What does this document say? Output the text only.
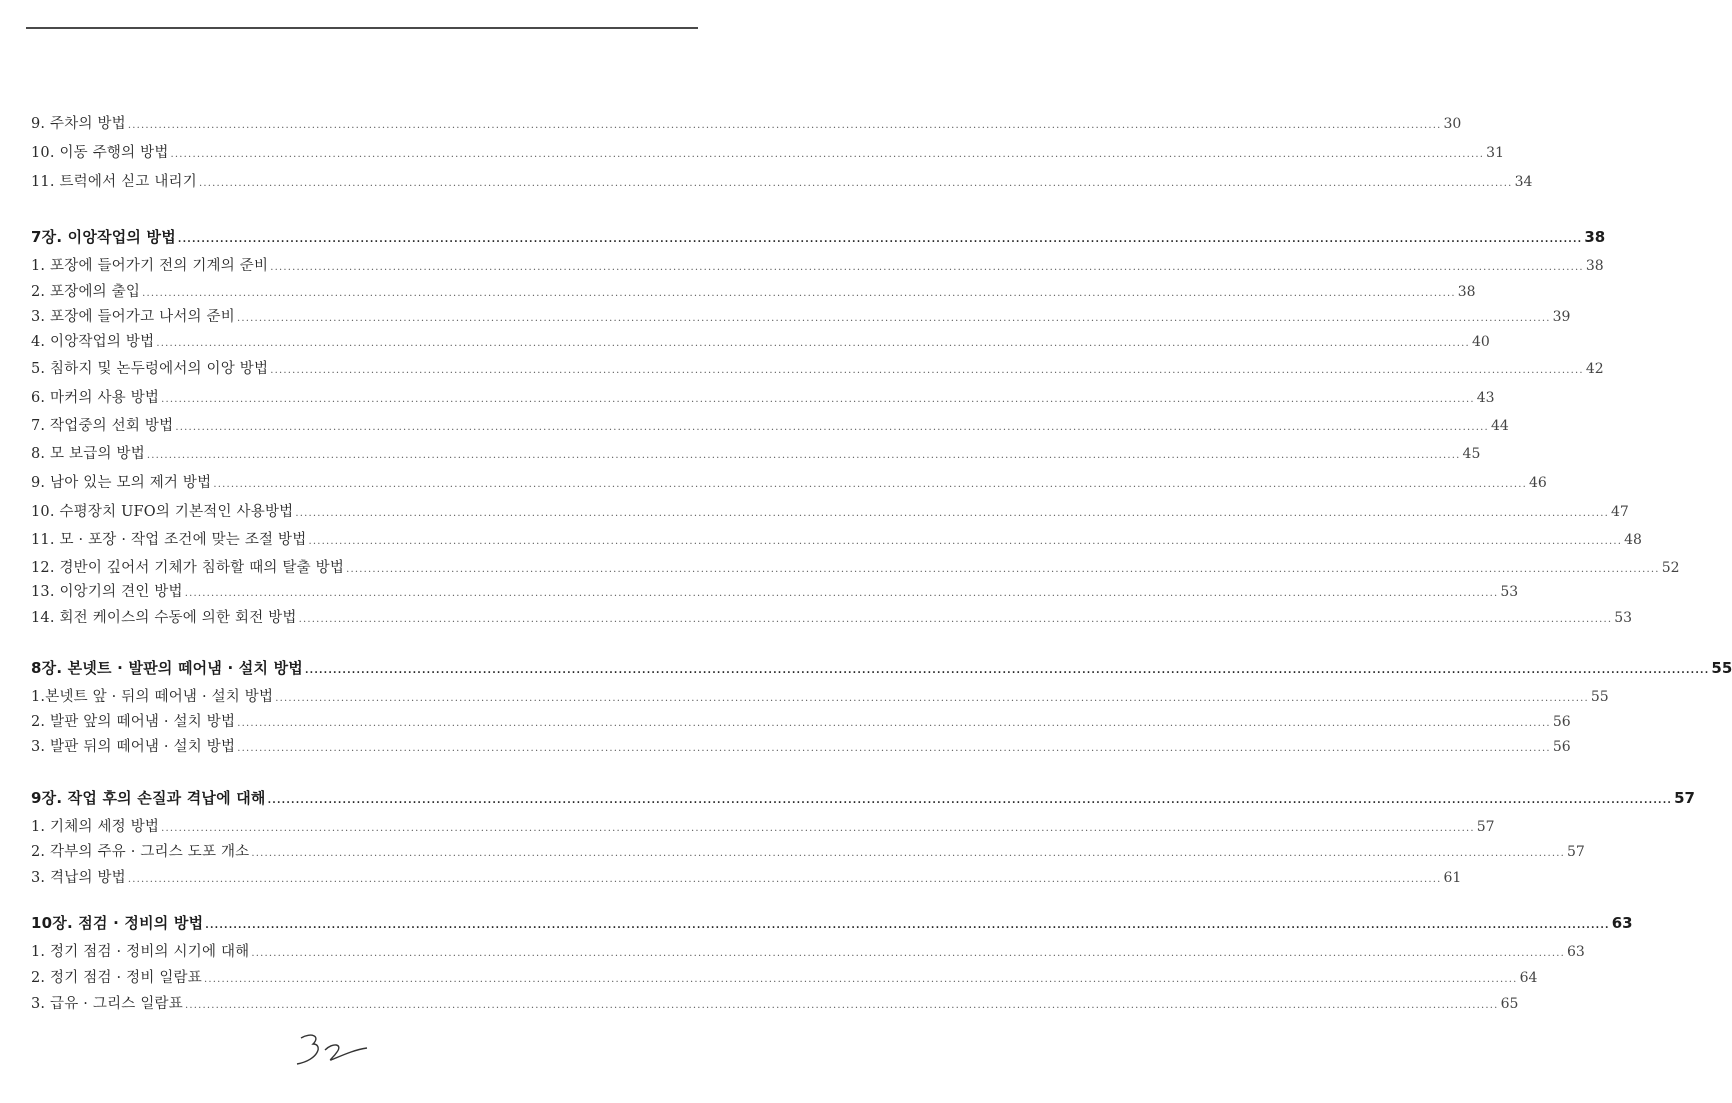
9. 주차의 방법 ............................................................................................................................................................................................................................................................................................................ 30
10. 이동 주행의 방법 ............................................................................................................................................................................................................................................................................................................ 31
11. 트럭에서 싣고 내리기 ............................................................................................................................................................................................................................................................................................................ 34
7장. 이앙작업의 방법 ............................................................................................................................................................................................................................................................................................................ 38
1. 포장에 들어가기 전의 기계의 준비 ............................................................................................................................................................................................................................................................................................................ 38
2. 포장에의 출입 ............................................................................................................................................................................................................................................................................................................ 38
3. 포장에 들어가고 나서의 준비 ............................................................................................................................................................................................................................................................................................................ 39
4. 이앙작업의 방법 ............................................................................................................................................................................................................................................................................................................ 40
5. 침하지 및 논두렁에서의 이앙 방법 ............................................................................................................................................................................................................................................................................................................ 42
6. 마커의 사용 방법 ............................................................................................................................................................................................................................................................................................................ 43
7. 작업중의 선회 방법 ............................................................................................................................................................................................................................................................................................................ 44
8. 모 보급의 방법 ............................................................................................................................................................................................................................................................................................................ 45
9. 남아 있는 모의 제거 방법 ............................................................................................................................................................................................................................................................................................................ 46
10. 수평장치 UFO의 기본적인 사용방법 ............................................................................................................................................................................................................................................................................................................ 47
11. 모 · 포장 · 작업 조건에 맞는 조절 방법 ............................................................................................................................................................................................................................................................................................................ 48
12. 경반이 깊어서 기체가 침하할 때의 탈출 방법 ............................................................................................................................................................................................................................................................................................................ 52
13. 이앙기의 견인 방법 ............................................................................................................................................................................................................................................................................................................ 53
14. 회전 케이스의 수동에 의한 회전 방법 ............................................................................................................................................................................................................................................................................................................ 53
8장. 본넷트 · 발판의 떼어냄 · 설치 방법 ............................................................................................................................................................................................................................................................................................................ 55
1.본넷트 앞 · 뒤의 떼어냄 · 설치 방법 ............................................................................................................................................................................................................................................................................................................ 55
2. 발판 앞의 떼어냄 · 설치 방법 ............................................................................................................................................................................................................................................................................................................ 56
3. 발판 뒤의 떼어냄 · 설치 방법 ............................................................................................................................................................................................................................................................................................................ 56
9장. 작업 후의 손질과 격납에 대해 ............................................................................................................................................................................................................................................................................................................ 57
1. 기체의 세정 방법 ............................................................................................................................................................................................................................................................................................................ 57
2. 각부의 주유 · 그리스 도포 개소 ............................................................................................................................................................................................................................................................................................................ 57
3. 격납의 방법 ............................................................................................................................................................................................................................................................................................................ 61
10장. 점검 · 정비의 방법 ............................................................................................................................................................................................................................................................................................................ 63
1. 정기 점검 · 정비의 시기에 대해 ............................................................................................................................................................................................................................................................................................................ 63
2. 정기 점검 · 정비 일람표 ............................................................................................................................................................................................................................................................................................................ 64
3. 급유 · 그리스 일람표 ............................................................................................................................................................................................................................................................................................................ 65
